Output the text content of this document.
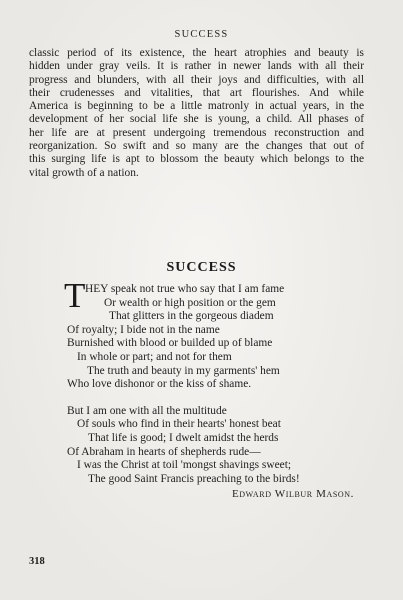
SUCCESS
classic period of its existence, the heart atrophies and beauty is
hidden under gray veils. It is rather in newer lands with all their
progress and blunders, with all their joys and difficulties, with all
their crudenesses and vitalities, that art flourishes. And while
America is beginning to be a little matronly in actual years, in the
development of her social life she is young, a child. All phases of
her life are at present undergoing tremendous reconstruction and
reorganization. So swift and so many are the changes that out of
this surging life is apt to blossom the beauty which belongs to the
vital growth of a nation.
SUCCESS
T HEY speak not true who say that I am fame
Or wealth or high position or the gem
That glitters in the gorgeous diadem
Of royalty; I bide not in the name
Burnished with blood or builded up of blame
In whole or part; and not for them
The truth and beauty in my garments' hem
Who love dishonor or the kiss of shame.
But I am one with all the multitude
Of souls who find in their hearts' honest beat
That life is good; I dwelt amidst the herds
Of Abraham in hearts of shepherds rude—
I was the Christ at toil 'mongst shavings sweet;
The good Saint Francis preaching to the birds!
Edward Wilbur Mason.
318
